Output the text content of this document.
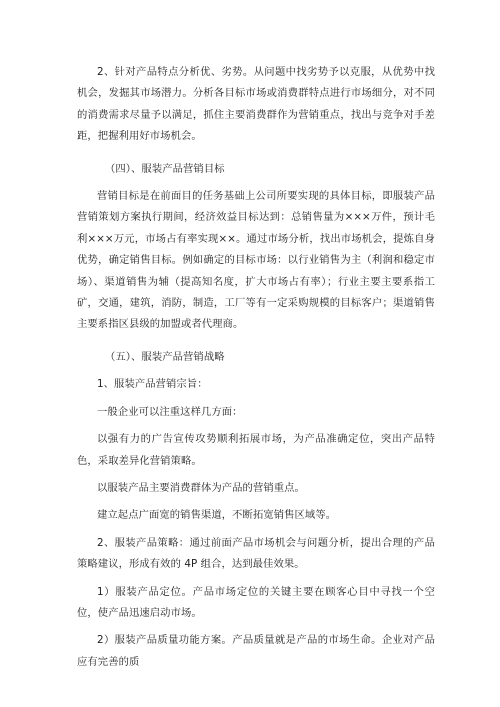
2、针对产品特点分析优、劣势。从问题中找劣势予以克服，从优势中找机会，发掘其市场潜力。分析各目标市场或消费群特点进行市场细分，对不同的消费需求尽量予以满足，抓住主要消费群作为营销重点，找出与竞争对手差距，把握利用好市场机会。

（四）、服装产品营销目标

营销目标是在前面目的任务基础上公司所要实现的具体目标，即服装产品营销策划方案执行期间，经济效益目标达到：总销售量为×××万件，预计毛利×××万元，市场占有率实现××。通过市场分析，找出市场机会，提炼自身优势，确定销售目标。例如确定的目标市场：以行业销售为主（利润和稳定市场）、渠道销售为辅（提高知名度，扩大市场占有率）；行业主要主要系指工矿，交通，建筑，消防，制造，工厂等有一定采购规模的目标客户；渠道销售主要系指区县级的加盟或者代理商。

（五）、服装产品营销战略

1、服装产品营销宗旨：

一般企业可以注重这样几方面：

以强有力的广告宣传攻势顺利拓展市场，为产品准确定位，突出产品特色，采取差异化营销策略。

以服装产品主要消费群体为产品的营销重点。

建立起点广面宽的销售渠道，不断拓宽销售区域等。

2、服装产品策略：通过前面产品市场机会与问题分析，提出合理的产品策略建议，形成有效的 4P 组合，达到最佳效果。

1）服装产品定位。产品市场定位的关键主要在顾客心目中寻找一个空位，使产品迅速启动市场。

2）服装产品质量功能方案。产品质量就是产品的市场生命。企业对产品应有完善的质
